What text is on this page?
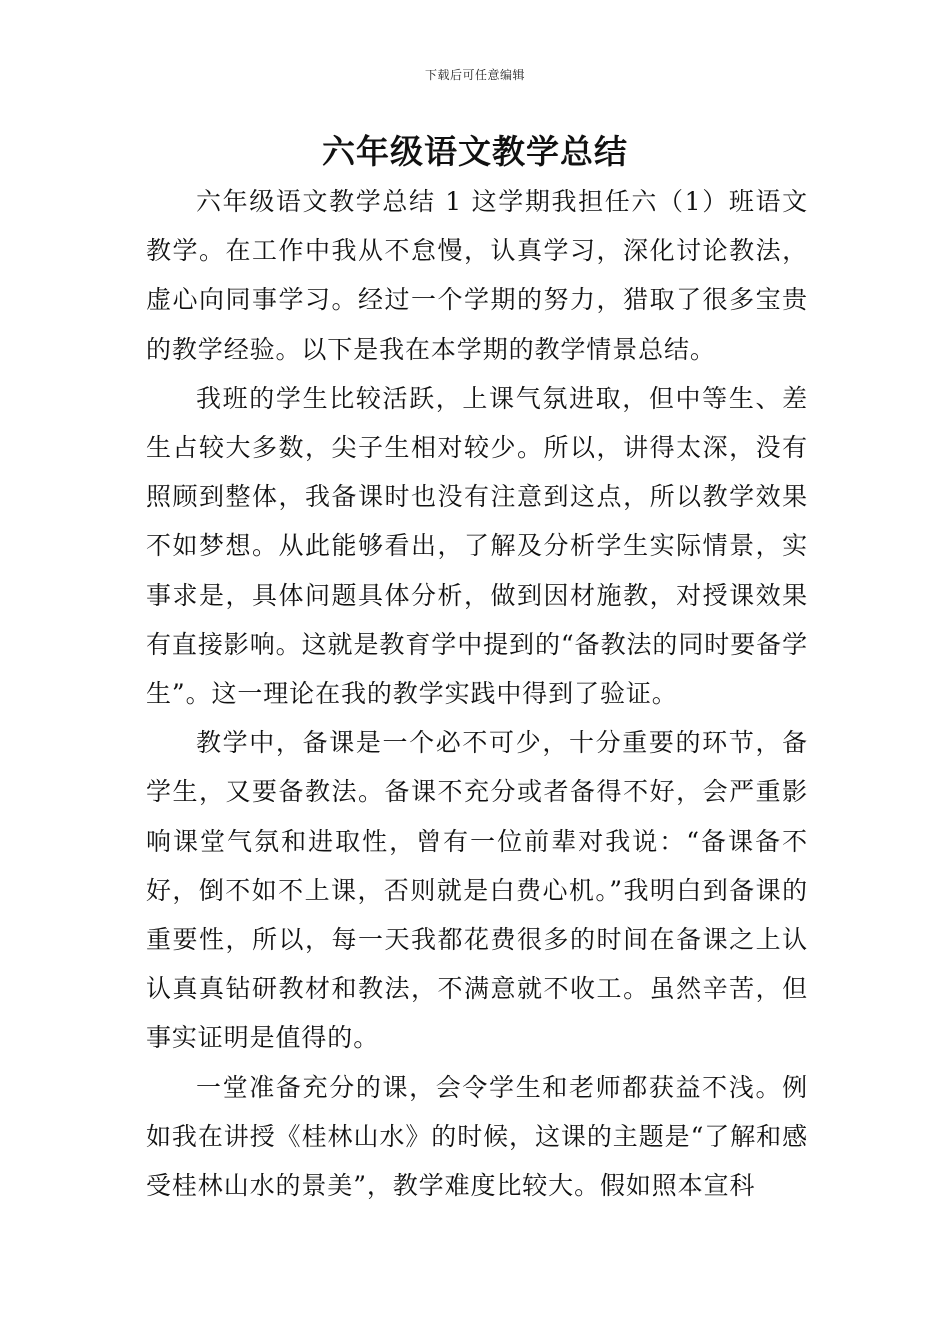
下载后可任意编辑
六年级语文教学总结

六年级语文教学总结 1 这学期我担任六（1）班语文教学。在工作中我从不怠慢，认真学习，深化讨论教法，虚心向同事学习。经过一个学期的努力，猎取了很多宝贵的教学经验。以下是我在本学期的教学情景总结。

我班的学生比较活跃，上课气氛进取，但中等生、差生占较大多数，尖子生相对较少。所以，讲得太深，没有照顾到整体，我备课时也没有注意到这点，所以教学效果不如梦想。从此能够看出，了解及分析学生实际情景，实事求是，具体问题具体分析，做到因材施教，对授课效果有直接影响。这就是教育学中提到的“备教法的同时要备学生”。这一理论在我的教学实践中得到了验证。

教学中，备课是一个必不可少，十分重要的环节，备学生，又要备教法。备课不充分或者备得不好，会严重影响课堂气氛和进取性，曾有一位前辈对我说：“备课备不好，倒不如不上课，否则就是白费心机。”我明白到备课的重要性，所以，每一天我都花费很多的时间在备课之上认认真真钻研教材和教法，不满意就不收工。虽然辛苦，但事实证明是值得的。

一堂准备充分的课，会令学生和老师都获益不浅。例如我在讲授《桂林山水》的时候，这课的主题是“了解和感受桂林山水的景美”，教学难度比较大。假如照本宣科
